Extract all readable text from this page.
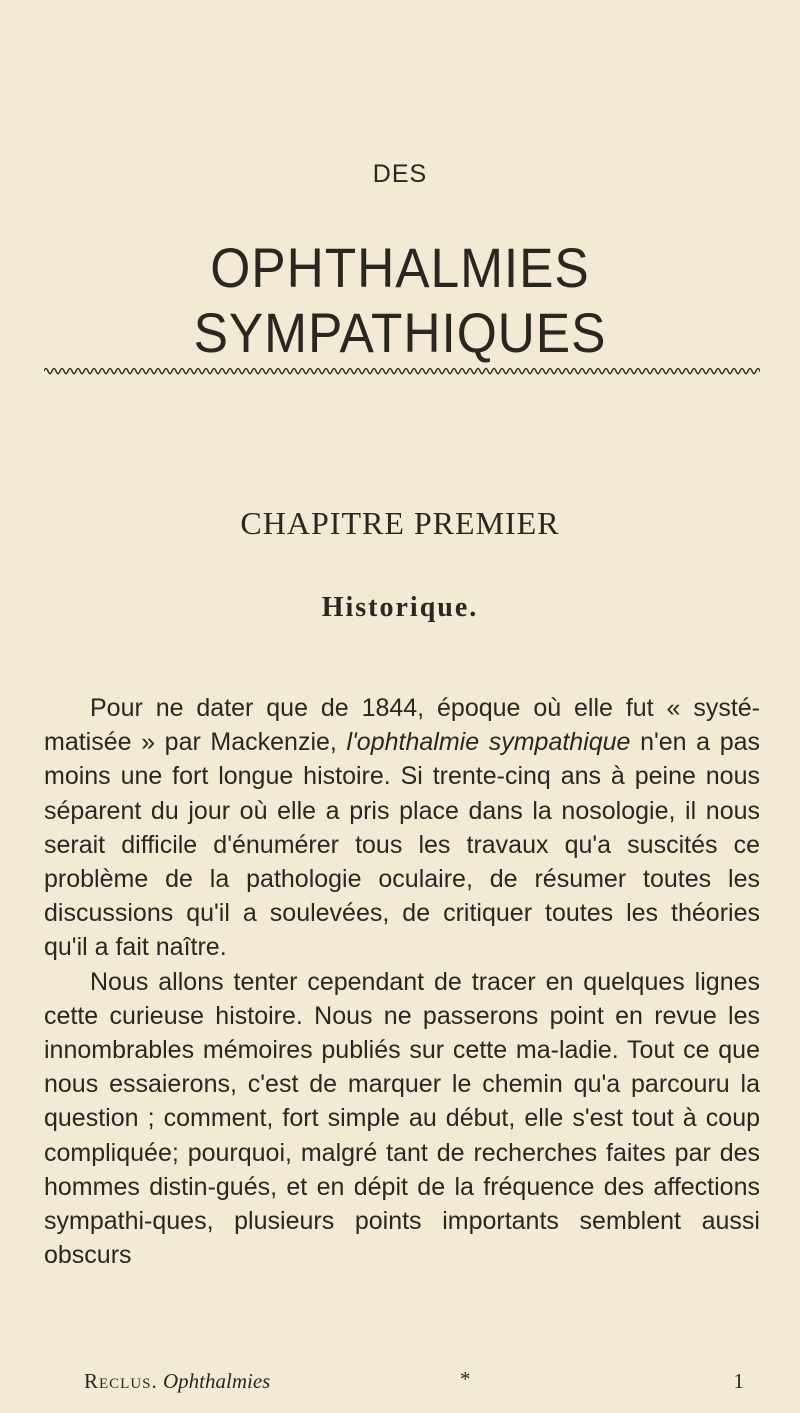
DES
OPHTHALMIES SYMPATHIQUES
CHAPITRE PREMIER
Historique.

Pour ne dater que de 1844, époque où elle fut « systé-matisée » par Mackenzie, l'ophthalmie sympathique n'en a pas moins une fort longue histoire. Si trente-cinq ans à peine nous séparent du jour où elle a pris place dans la nosologie, il nous serait difficile d'énumérer tous les travaux qu'a suscités ce problème de la pathologie oculaire, de résumer toutes les discussions qu'il a soulevées, de critiquer toutes les théories qu'il a fait naître.

Nous allons tenter cependant de tracer en quelques lignes cette curieuse histoire. Nous ne passerons point en revue les innombrables mémoires publiés sur cette ma-ladie. Tout ce que nous essaierons, c'est de marquer le chemin qu'a parcouru la question ; comment, fort simple au début, elle s'est tout à coup compliquée; pourquoi, malgré tant de recherches faites par des hommes distin-gués, et en dépit de la fréquence des affections sympathi-ques, plusieurs points importants semblent aussi obscurs

Reclus. Ophthalmies	*	1
